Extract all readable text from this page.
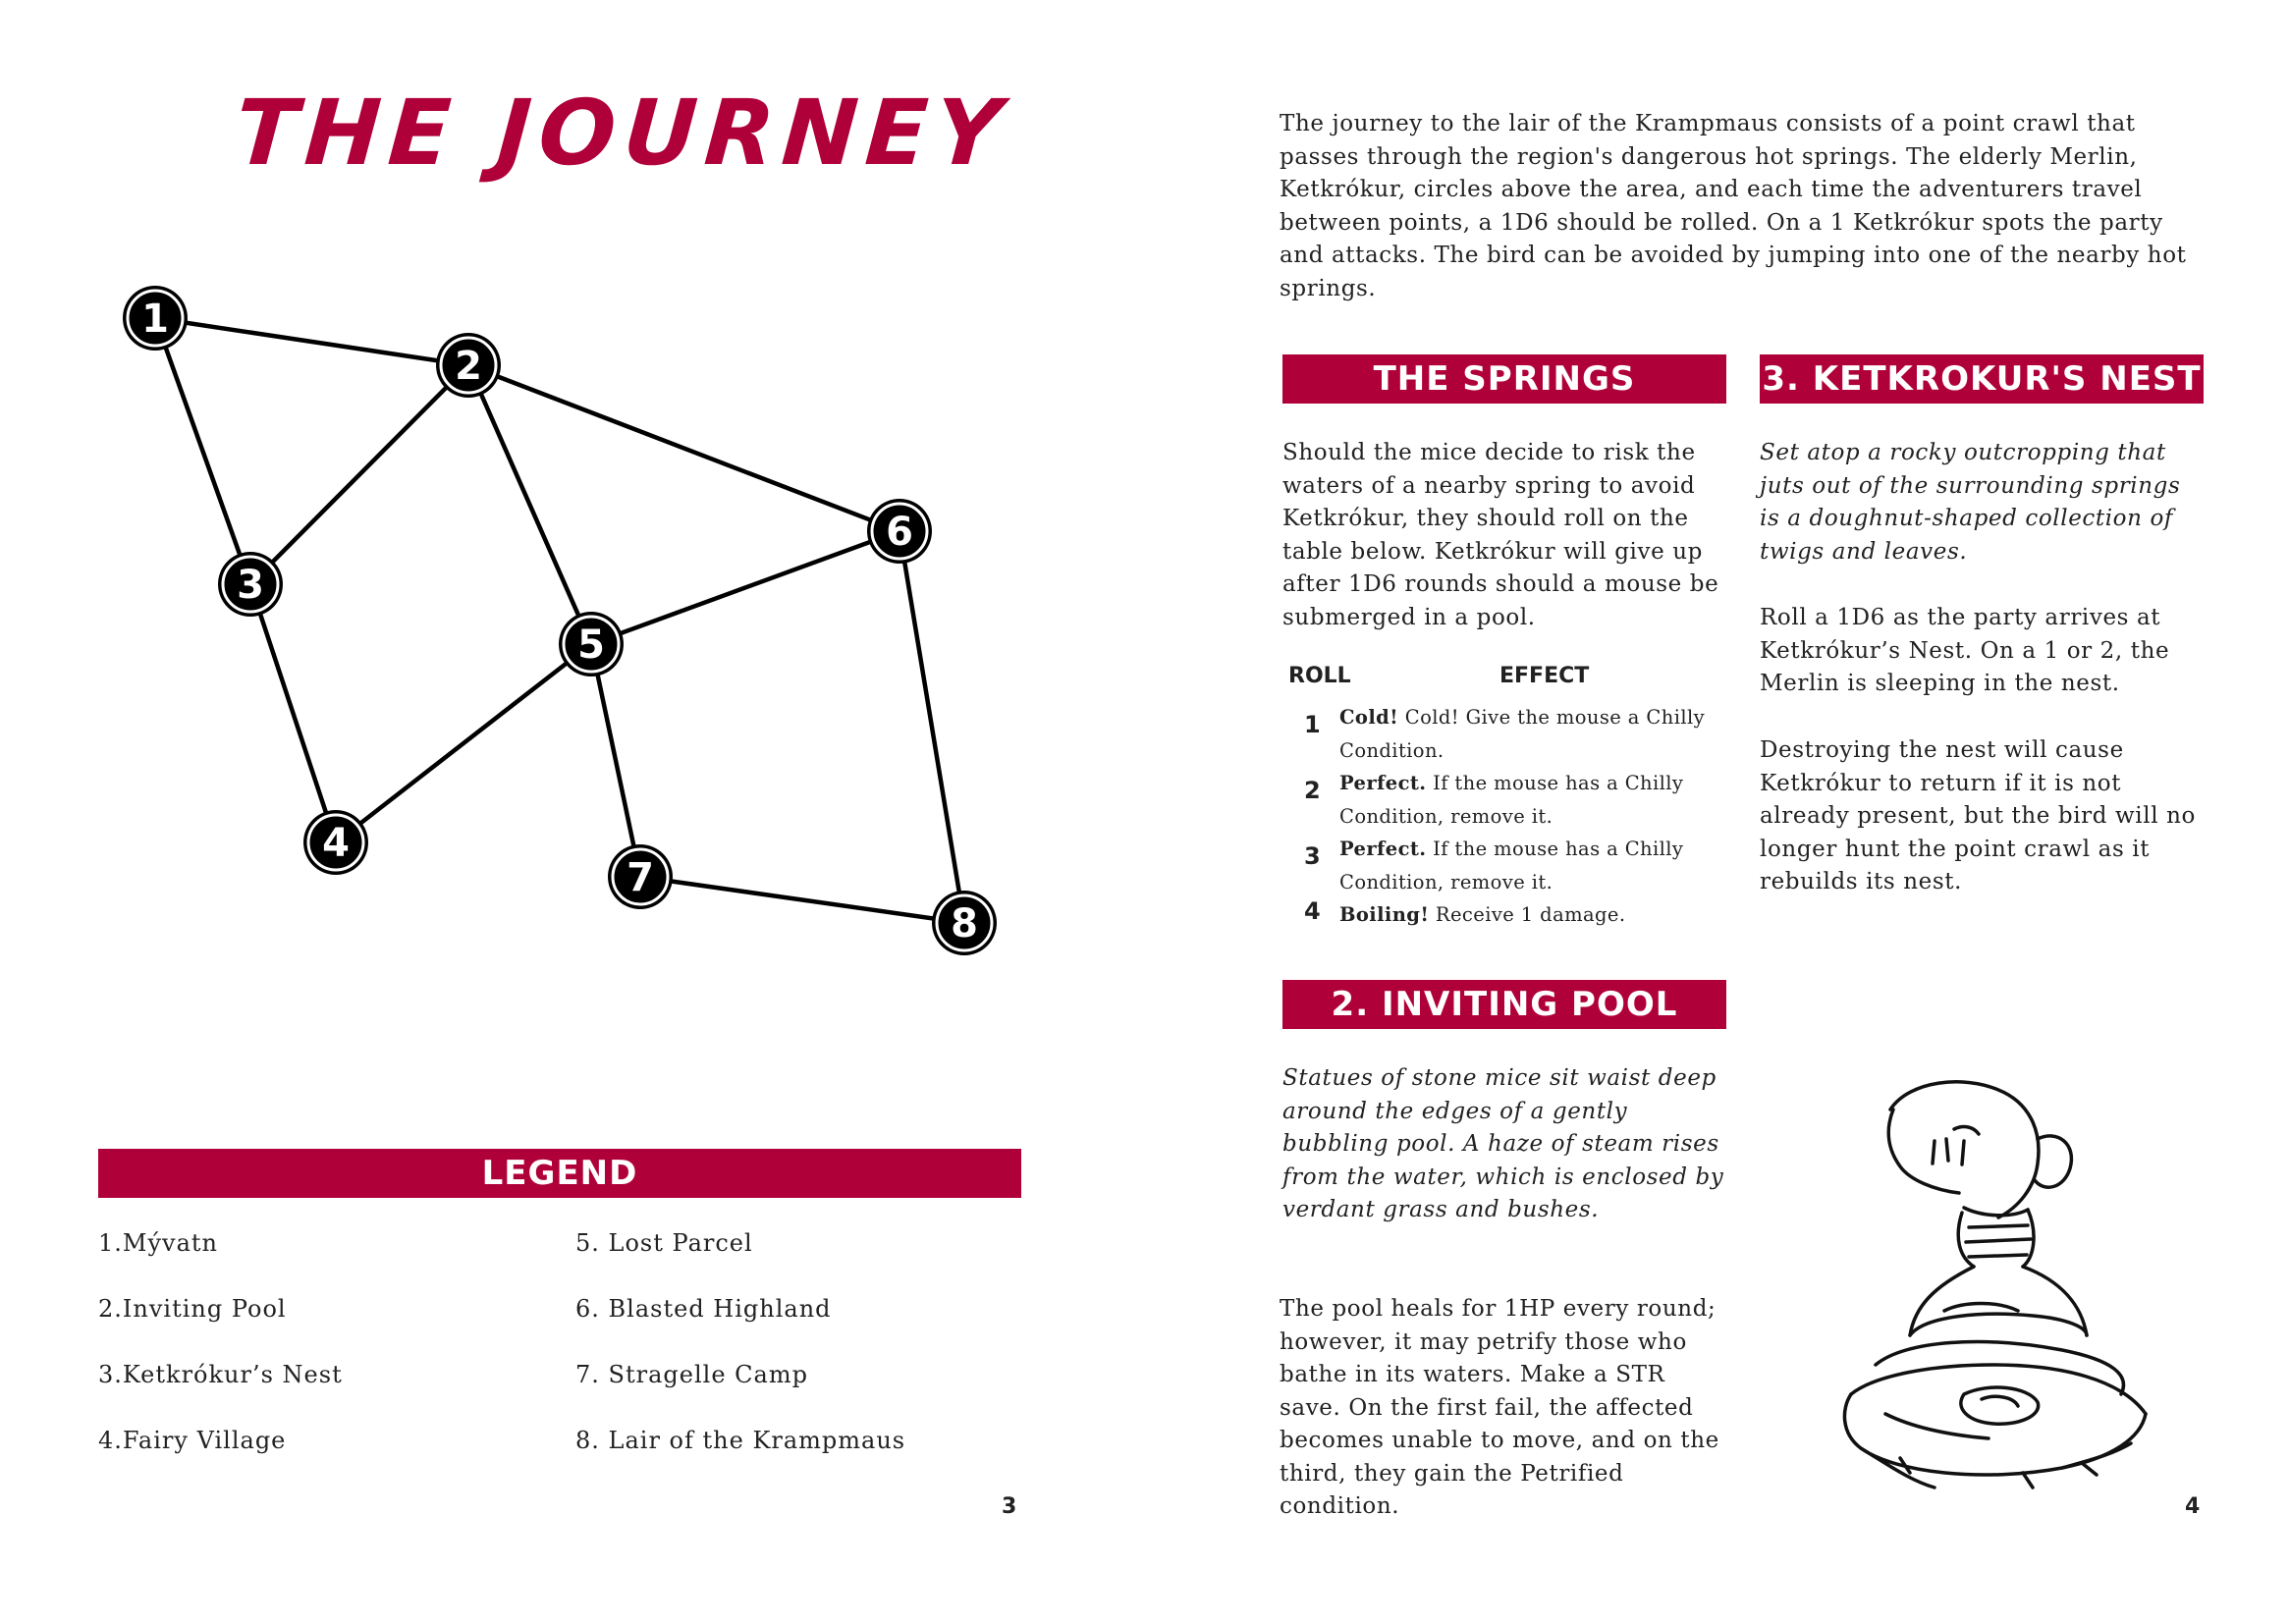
THE JOURNEY
1
2
3
4
5
6
7
8
LEGEND
1.Mývatn
2.Inviting Pool
3.Ketkrókur’s Nest
4.Fairy Village
5. Lost Parcel
6. Blasted Highland
7. Stragelle Camp
8. Lair of the Krampmaus
3
The journey to the lair of the Krampmaus consists of a point crawl that passes through the region's dangerous hot springs. The elderly Merlin, Ketkrókur, circles above the area, and each time the adventurers travel between points, a 1D6 should be rolled. On a 1 Ketkrókur spots the party and attacks. The bird can be avoided by jumping into one of the nearby hot springs.
THE SPRINGS
Should the mice decide to risk the waters of a nearby spring to avoid Ketkrókur, they should roll on the table below. Ketkrókur will give up after 1D6 rounds should a mouse be submerged in a pool.
ROLL	EFFECT
1 Cold! Cold! Give the mouse a Chilly Condition.
2 Perfect. If the mouse has a Chilly Condition, remove it.
3 Perfect. If the mouse has a Chilly Condition, remove it.
4 Boiling! Receive 1 damage.
2. INVITING POOL
Statues of stone mice sit waist deep around the edges of a gently bubbling pool. A haze of steam rises from the water, which is enclosed by verdant grass and bushes.
The pool heals for 1HP every round; however, it may petrify those who bathe in its waters. Make a STR save. On the first fail, the affected becomes unable to move, and on the third, they gain the Petrified condition.
3. KETKROKUR'S NEST
Set atop a rocky outcropping that juts out of the surrounding springs is a doughnut-shaped collection of twigs and leaves.
Roll a 1D6 as the party arrives at Ketkrókur’s Nest. On a 1 or 2, the Merlin is sleeping in the nest.
Destroying the nest will cause Ketkrókur to return if it is not already present, but the bird will no longer hunt the point crawl as it rebuilds its nest.
4
